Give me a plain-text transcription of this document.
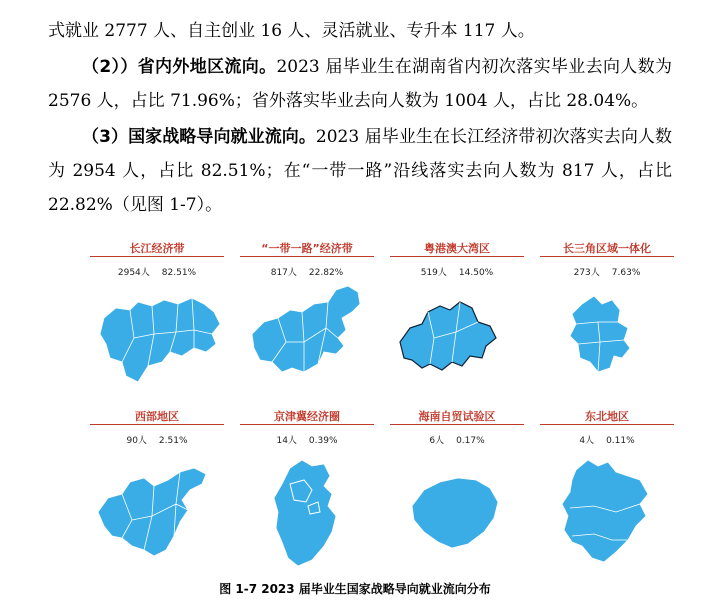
式就业 2777 人、自主创业 16 人、灵活就业、专升本 117 人。

（2））省内外地区流向。2023 届毕业生在湖南省内初次落实毕业去向人数为 2576 人，占比 71.96%；省外落实毕业去向人数为 1004 人，占比 28.04%。

（3）国家战略导向就业流向。2023 届毕业生在长江经济带初次落实去向人数为 2954 人，占比 82.51%；在“一带一路”沿线落实去向人数为 817 人，占比 22.82%（见图 1-7）。

长江经济带
2954人 82.51%
“一带一路”经济带
817人 22.82%
粤港澳大湾区
519人 14.50%
长三角区域一体化
273人 7.63%
西部地区
90人 2.51%
京津冀经济圈
14人 0.39%
海南自贸试验区
6人 0.17%
东北地区
4人 0.11%
图 1-7 2023 届毕业生国家战略导向就业流向分布
